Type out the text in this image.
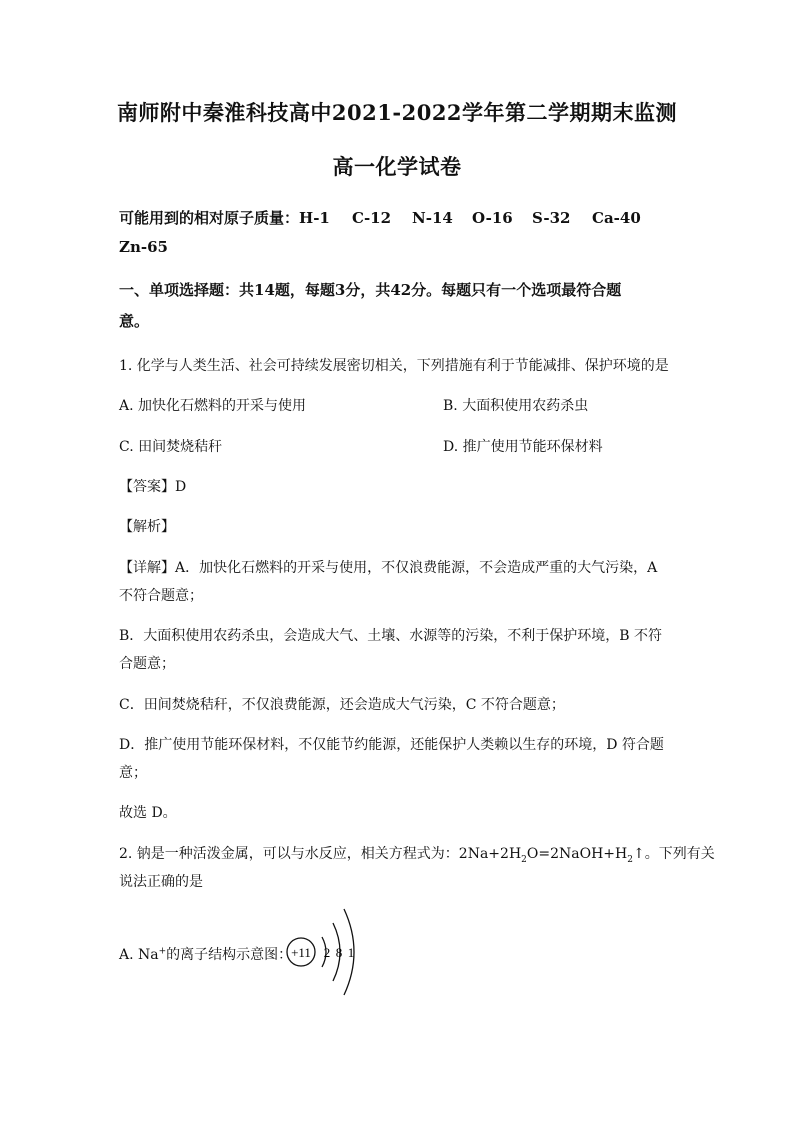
南师附中秦淮科技高中2021-2022学年第二学期期末监测
高一化学试卷
可能用到的相对原子质量：H-1 C-12 N-14 O-16 S-32 Ca-40
Zn-65
一、单项选择题：共14题，每题3分，共42分。每题只有一个选项最符合题
意。
1. 化学与人类生活、社会可持续发展密切相关，下列措施有利于节能减排、保护环境的是
A. 加快化石燃料的开采与使用	B. 大面积使用农药杀虫
C. 田间焚烧秸秆	D. 推广使用节能环保材料
【答案】D
【解析】
【详解】A．加快化石燃料的开采与使用，不仅浪费能源，不会造成严重的大气污染，A
不符合题意；
B．大面积使用农药杀虫，会造成大气、土壤、水源等的污染，不利于保护环境，B 不符
合题意；
C．田间焚烧秸秆，不仅浪费能源，还会造成大气污染，C 不符合题意；
D．推广使用节能环保材料，不仅能节约能源，还能保护人类赖以生存的环境，D 符合题
意；
故选 D。
2. 钠是一种活泼金属，可以与水反应，相关方程式为：$2Na+2H_2O=2NaOH+H_2↑$。下列有关
说法正确的是
A. Na+的离子结构示意图：
+11 2 8 1
